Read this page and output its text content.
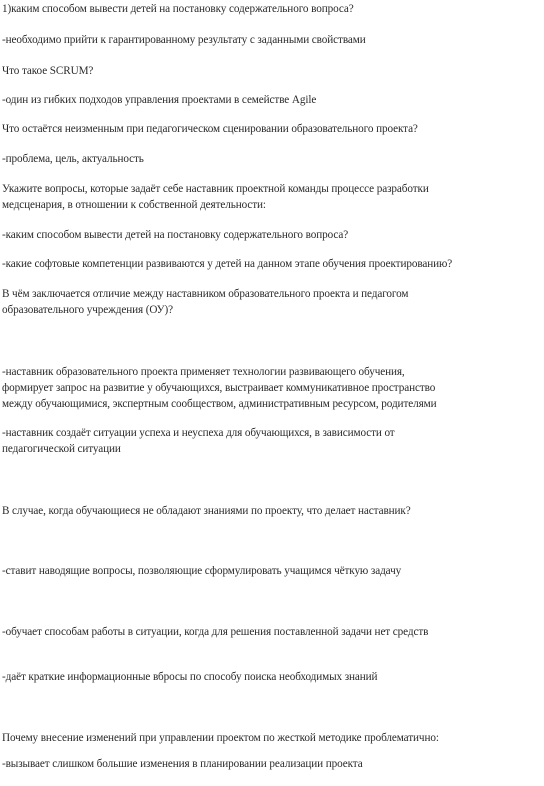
1)каким способом вывести детей на постановку содержательного вопроса?
-необходимо прийти к гарантированному результату с заданными свойствами
Что такое SCRUM?
-один из гибких подходов управления проектами в семействе Agile
Что остаётся неизменным при педагогическом сценировании образовательного проекта?
-проблема, цель, актуальность
Укажите вопросы, которые задаёт себе наставник проектной команды процессе разработки
медсценария, в отношении к собственной деятельности:
-каким способом вывести детей на постановку содержательного вопроса?
-какие софтовые компетенции развиваются у детей на данном этапе обучения проектированию?
В чём заключается отличие между наставником образовательного проекта и педагогом
образовательного учреждения (ОУ)?
-наставник образовательного проекта применяет технологии развивающего обучения,
формирует запрос на развитие у обучающихся, выстраивает коммуникативное пространство
между обучающимися, экспертным сообществом, административным ресурсом, родителями
-наставник создаёт ситуации успеха и неуспеха для обучающихся, в зависимости от
педагогической ситуации
В случае, когда обучающиеся не обладают знаниями по проекту, что делает наставник?
-ставит наводящие вопросы, позволяющие сформулировать учащимся чёткую задачу
-обучает способам работы в ситуации, когда для решения поставленной задачи нет средств
-даёт краткие информационные вбросы по способу поиска необходимых знаний
Почему внесение изменений при управлении проектом по жесткой методике проблематично:
-вызывает слишком большие изменения в планировании реализации проекта
